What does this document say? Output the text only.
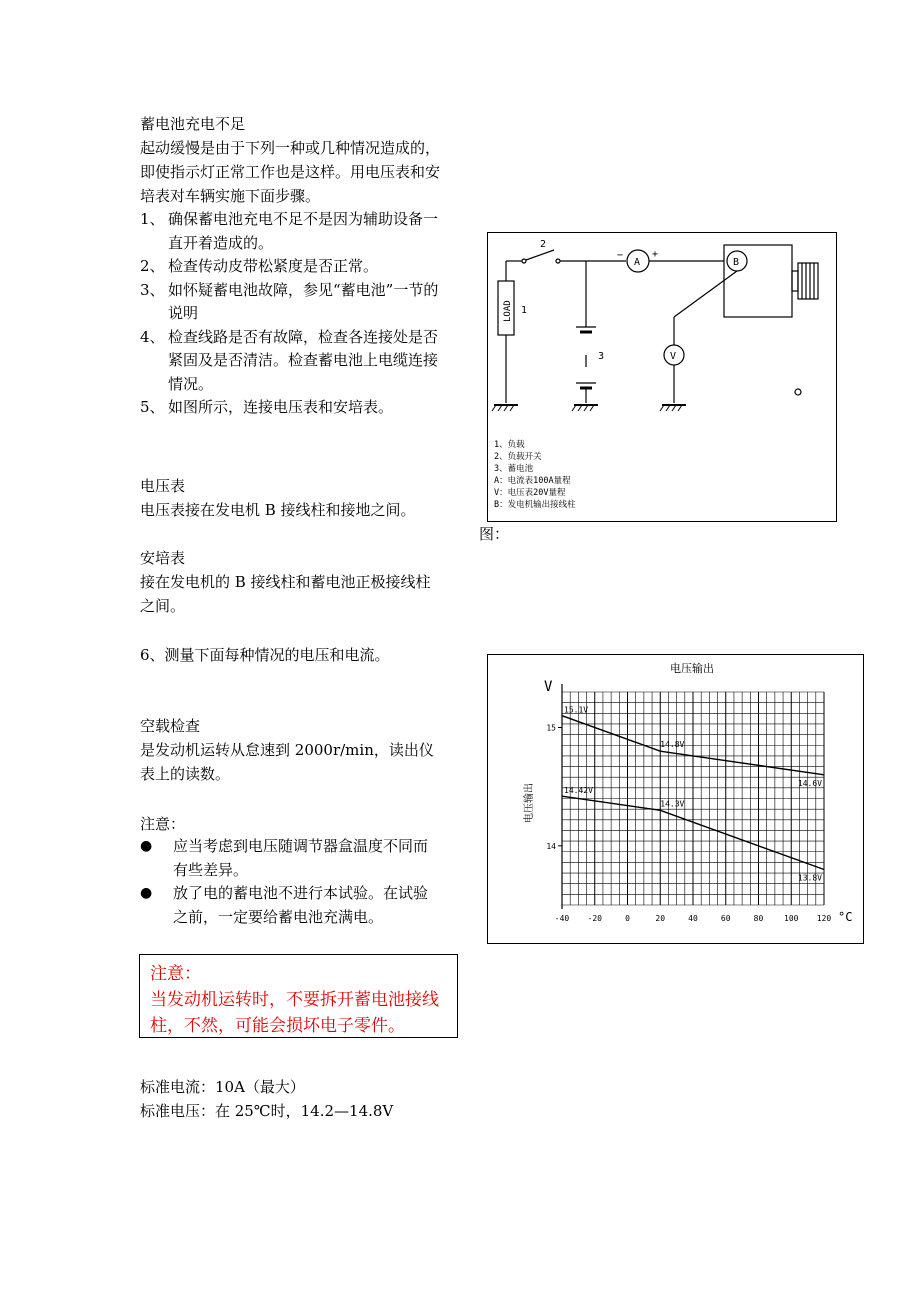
蓄电池充电不足
起动缓慢是由于下列一种或几种情况造成的，即使指示灯正常工作也是这样。用电压表和安培表对车辆实施下面步骤。
1、 确保蓄电池充电不足不是因为辅助设备一直开着造成的。
2、 检查传动皮带松紧度是否正常。
3、 如怀疑蓄电池故障，参见“蓄电池”一节的说明
4、 检查线路是否有故障，检查各连接处是否紧固及是否清洁。检查蓄电池上电缆连接情况。
5、 如图所示，连接电压表和安培表。
电压表
电压表接在发电机 B 接线柱和接地之间。
安培表
接在发电机的 B 接线柱和蓄电池正极接线柱之间。
6、测量下面每种情况的电压和电流。
空载检查
是发动机运转从怠速到 2000r/min，读出仪表上的读数。
注意：
● 应当考虑到电压随调节器盒温度不同而有些差异。
● 放了电的蓄电池不进行本试验。在试验之前，一定要给蓄电池充满电。
注意：
当发动机运转时，不要拆开蓄电池接线柱，不然，可能会损坏电子零件。
标准电流：10A（最大）
标准电压：在 25℃时，14.2—14.8V
LOAD 1
2
3
A
V
B
−	+
1、负载
2、负载开关
3、蓄电池
A：电流表100A量程
V：电压表20V量程
B：发电机输出接线柱
图：
电压输出
V
°C
电压输出
-40 -20	0	20	40	60	80	100 120
14
15
15.1V
14.8V
14.6V
14.42V
14.3V
13.8V
